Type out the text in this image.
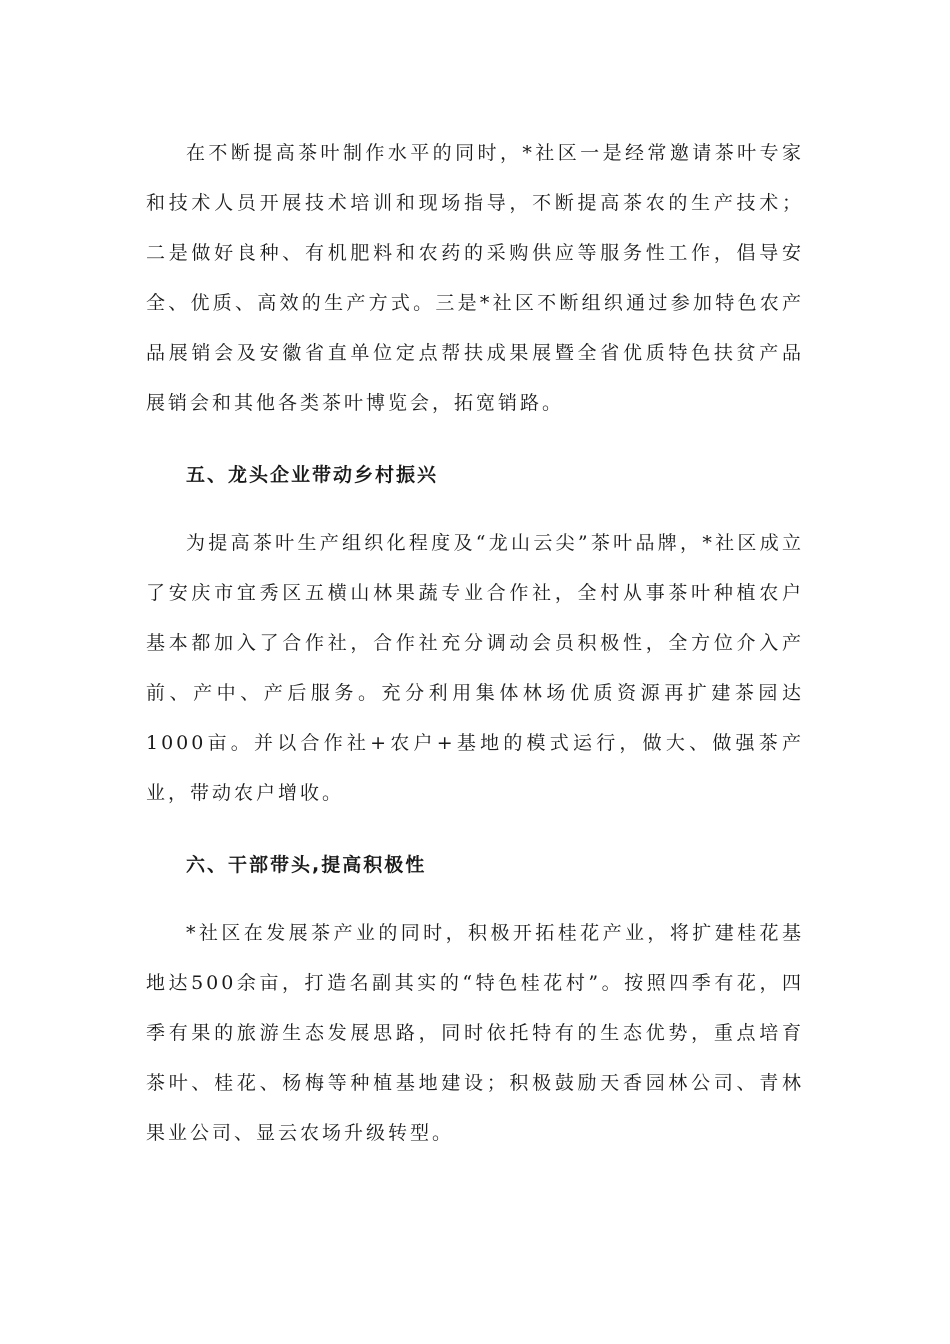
在不断提高茶叶制作水平的同时，*社区一是经常邀请茶叶专家和技术人员开展技术培训和现场指导，不断提高茶农的生产技术；二是做好良种、有机肥料和农药的采购供应等服务性工作，倡导安全、优质、高效的生产方式。三是*社区不断组织通过参加特色农产品展销会及安徽省直单位定点帮扶成果展暨全省优质特色扶贫产品展销会和其他各类茶叶博览会，拓宽销路。

五、龙头企业带动乡村振兴

为提高茶叶生产组织化程度及“龙山云尖”茶叶品牌，*社区成立了安庆市宜秀区五横山林果蔬专业合作社，全村从事茶叶种植农户基本都加入了合作社，合作社充分调动会员积极性，全方位介入产前、产中、产后服务。充分利用集体林场优质资源再扩建茶园达1000亩。并以合作社+农户+基地的模式运行，做大、做强茶产业，带动农户增收。

六、干部带头,提高积极性

*社区在发展茶产业的同时，积极开拓桂花产业，将扩建桂花基地达500余亩，打造名副其实的“特色桂花村”。按照四季有花，四季有果的旅游生态发展思路，同时依托特有的生态优势，重点培育茶叶、桂花、杨梅等种植基地建设；积极鼓励天香园林公司、青林果业公司、显云农场升级转型。
